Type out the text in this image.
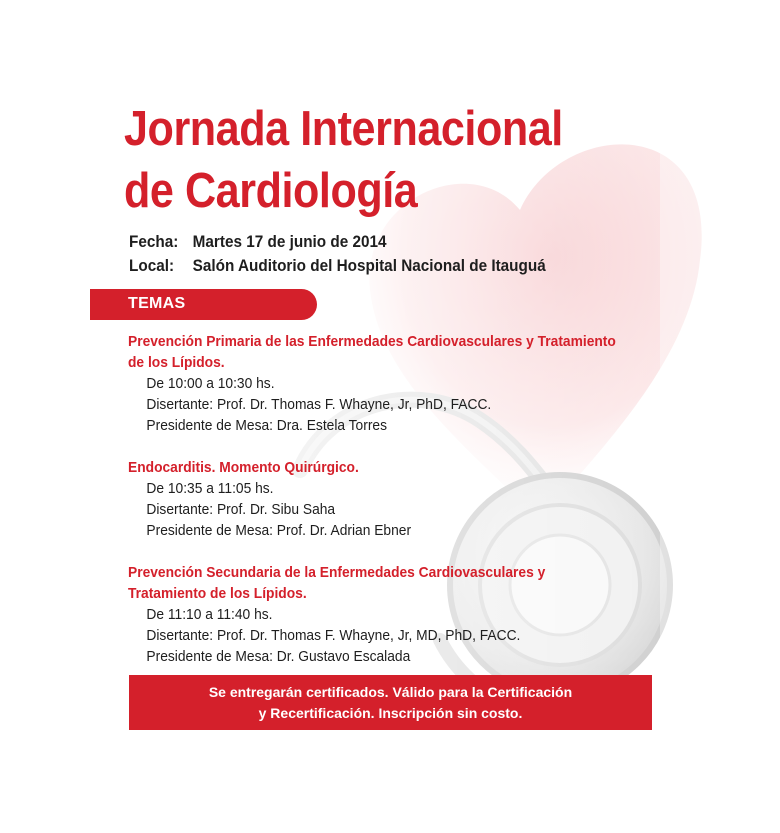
Jornada Internacional
de Cardiología
Fecha: Martes 17 de junio de 2014
Local: Salón Auditorio del Hospital Nacional de Itauguá
TEMAS
Prevención Primaria de las Enfermedades Cardiovasculares y Tratamiento
de los Lípidos.
De 10:00 a 10:30 hs.
Disertante: Prof. Dr. Thomas F. Whayne, Jr, PhD, FACC.
Presidente de Mesa: Dra. Estela Torres
Endocarditis. Momento Quirúrgico.
De 10:35 a 11:05 hs.
Disertante: Prof. Dr. Sibu Saha
Presidente de Mesa: Prof. Dr. Adrian Ebner
Prevención Secundaria de la Enfermedades Cardiovasculares y
Tratamiento de los Lípidos.
De 11:10 a 11:40 hs.
Disertante: Prof. Dr. Thomas F. Whayne, Jr, MD, PhD, FACC.
Presidente de Mesa: Dr. Gustavo Escalada
Se entregarán certificados. Válido para la Certificación
y Recertificación. Inscripción sin costo.
